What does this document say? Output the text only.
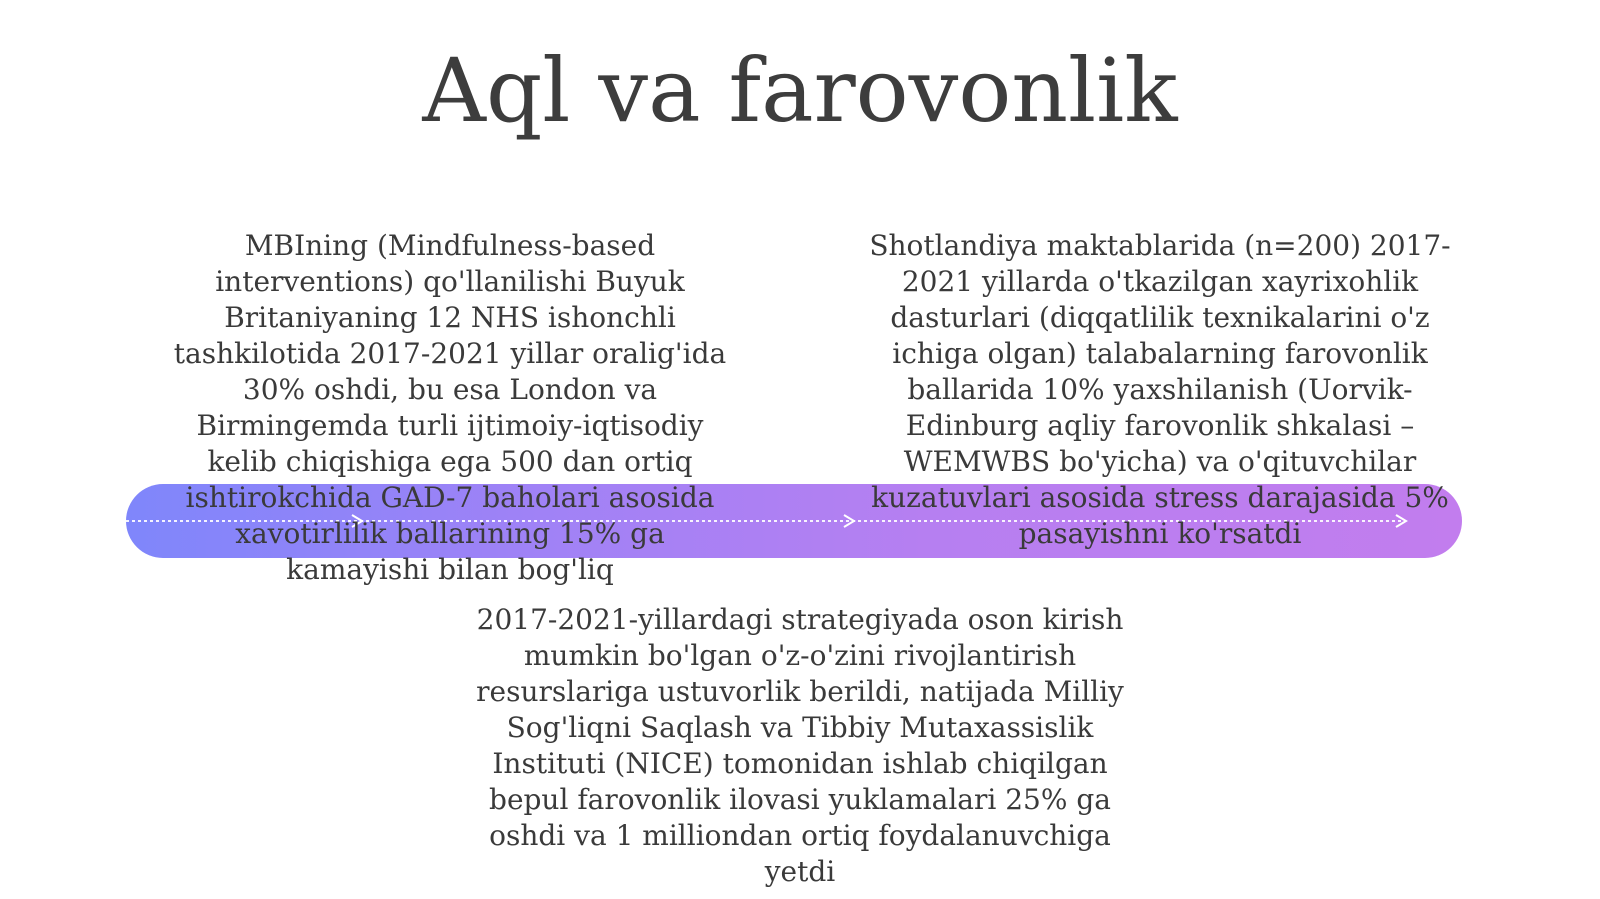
Aql va farovonlik

MBIning (Mindfulness-based interventions) qo'llanilishi Buyuk Britaniyaning 12 NHS ishonchli tashkilotida 2017-2021 yillar oralig'ida 30% oshdi, bu esa London va Birmingemda turli ijtimoiy-iqtisodiy kelib chiqishiga ega 500 dan ortiq ishtirokchida GAD-7 baholari asosida xavotirlilik ballarining 15% ga kamayishi bilan bog'liq

Shotlandiya maktablarida (n=200) 2017-2021 yillarda o'tkazilgan xayrixohlik dasturlari (diqqatlilik texnikalarini o'z ichiga olgan) talabalarning farovonlik ballarida 10% yaxshilanish (Uorvik-Edinburg aqliy farovonlik shkalasi – WEMWBS bo'yicha) va o'qituvchilar kuzatuvlari asosida stress darajasida 5% pasayishni ko'rsatdi

2017-2021-yillardagi strategiyada oson kirish mumkin bo'lgan o'z-o'zini rivojlantirish resurslariga ustuvorlik berildi, natijada Milliy Sog'liqni Saqlash va Tibbiy Mutaxassislik Instituti (NICE) tomonidan ishlab chiqilgan bepul farovonlik ilovasi yuklamalari 25% ga oshdi va 1 milliondan ortiq foydalanuvchiga yetdi
